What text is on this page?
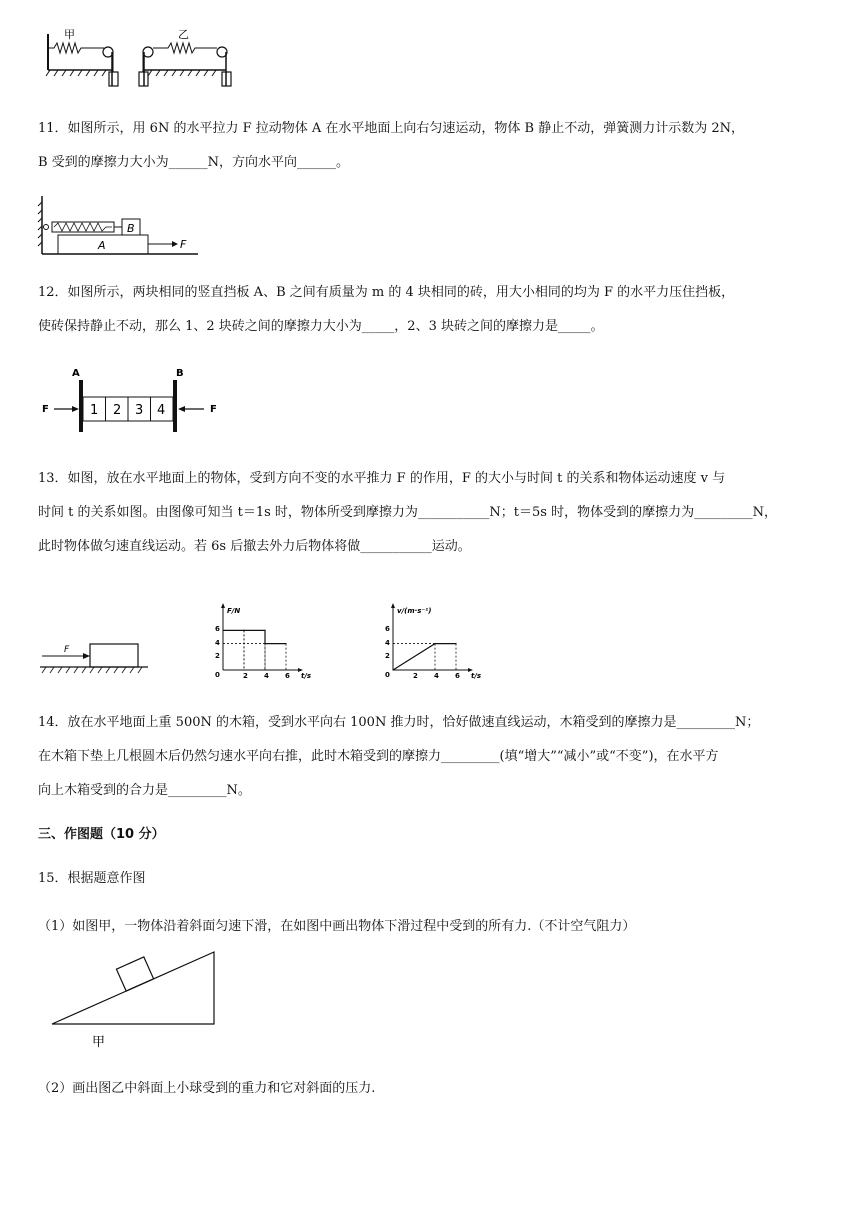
甲	乙
11．如图所示，用 6N 的水平拉力 F 拉动物体 A 在水平地面上向右匀速运动，物体 B 静止不动，弹簧测力计示数为 2N，
B 受到的摩擦力大小为______N，方向水平向______。
B
A	F
12．如图所示，两块相同的竖直挡板 A、B 之间有质量为 m 的 4 块相同的砖，用大小相同的均为 F 的水平力压住挡板，
使砖保持静止不动，那么 1、2 块砖之间的摩擦力大小为_____，2、3 块砖之间的摩擦力是_____。
A	B
1 2 3 4
F	F
13．如图，放在水平地面上的物体，受到方向不变的水平推力 F 的作用，F 的大小与时间 t 的关系和物体运动速度 v 与
时间 t 的关系如图。由图像可知当 t＝1s 时，物体所受到摩擦力为___________N；t＝5s 时，物体受到的摩擦力为_________N，
此时物体做匀速直线运动。若 6s 后撤去外力后物体将做___________运动。
F
F/N
t/s
0
2
4
6
2 4 6
v/(m·s⁻¹)
t/s
0
2
4
6
2 4 6
14．放在水平地面上重 500N 的木箱，受到水平向右 100N 推力时，恰好做速直线运动，木箱受到的摩擦力是_________N；
在木箱下垫上几根圆木后仍然匀速水平向右推，此时木箱受到的摩擦力_________(填“增大”“减小”或“不变”)，在水平方
向上木箱受到的合力是_________N。
三、作图题（10 分）
15．根据题意作图
（1）如图甲，一物体沿着斜面匀速下滑，在如图中画出物体下滑过程中受到的所有力.（不计空气阻力）
甲
（2）画出图乙中斜面上小球受到的重力和它对斜面的压力.
